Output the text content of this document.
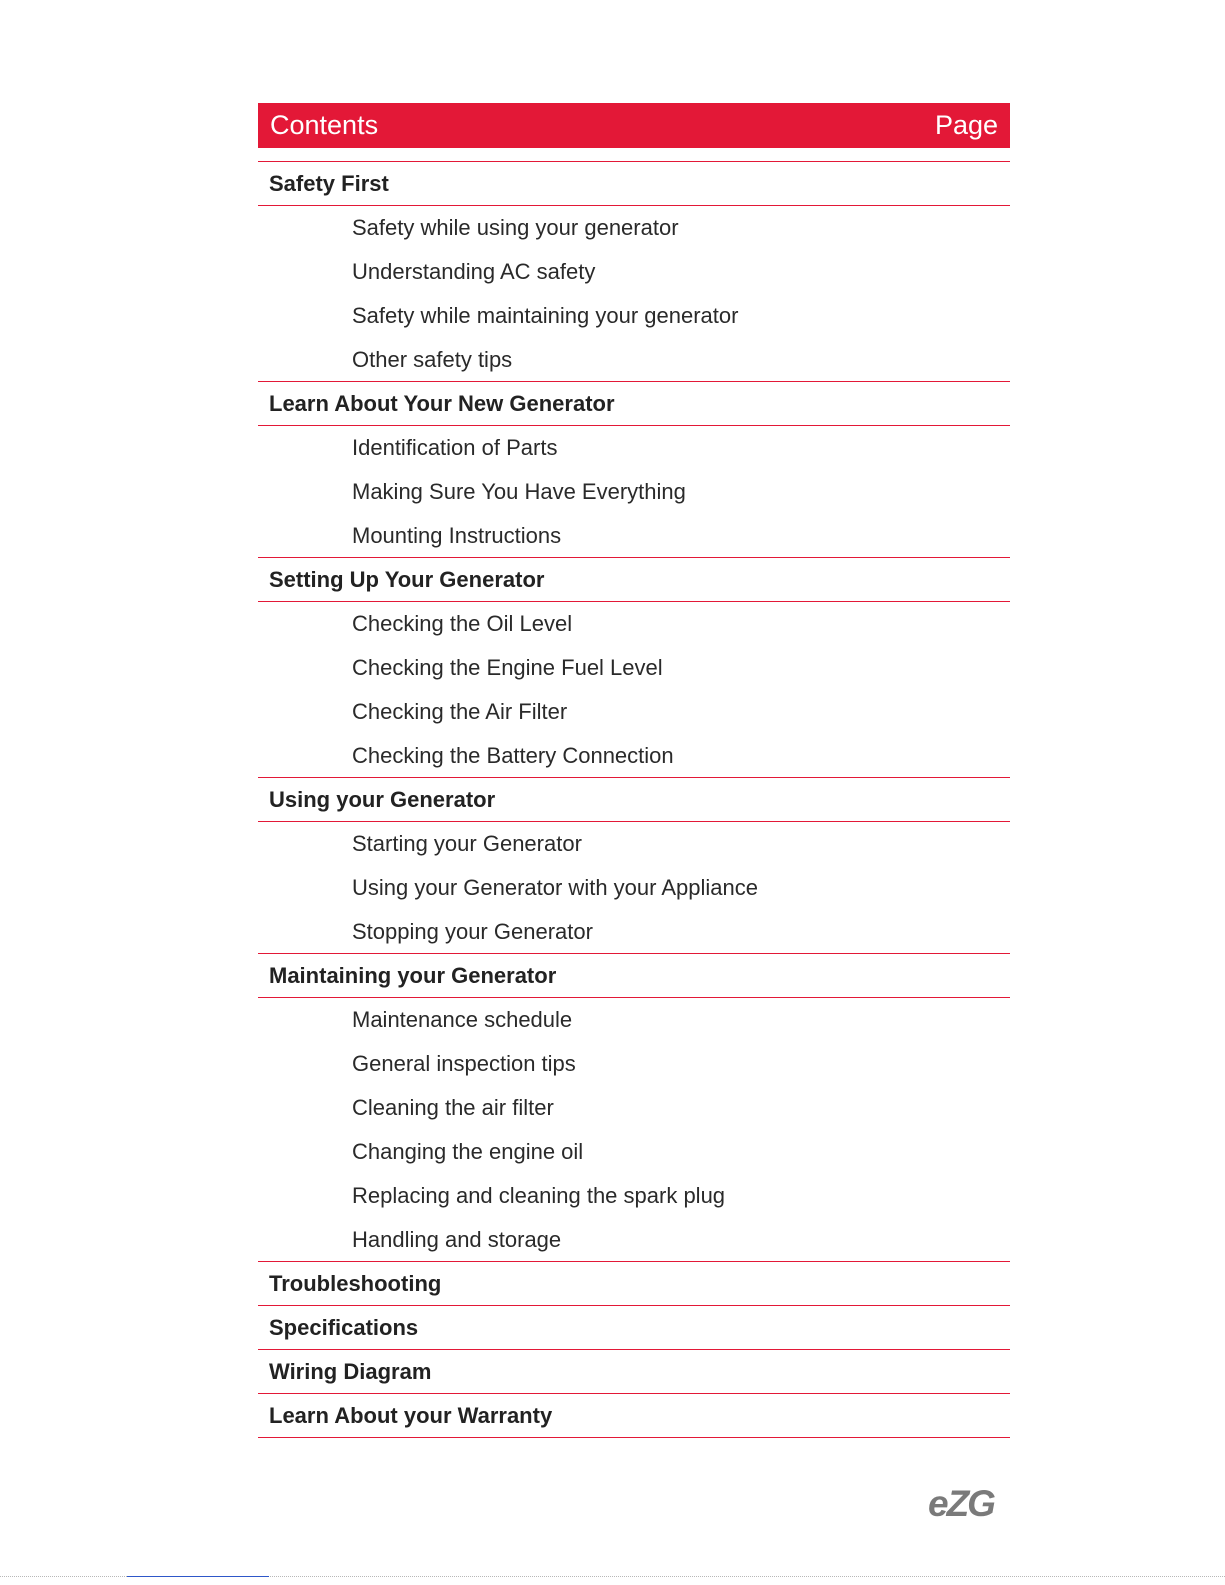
Contents	Page
Safety First
Safety while using your generator
Understanding AC safety
Safety while maintaining your generator
Other safety tips
Learn About Your New Generator
Identification of Parts
Making Sure You Have Everything
Mounting Instructions
Setting Up Your Generator
Checking the Oil Level
Checking the Engine Fuel Level
Checking the Air Filter
Checking the Battery Connection
Using your Generator
Starting your Generator
Using your Generator with your Appliance
Stopping your Generator
Maintaining your Generator
Maintenance schedule
General inspection tips
Cleaning the air filter
Changing the engine oil
Replacing and cleaning the spark plug
Handling and storage
Troubleshooting
Specifications
Wiring Diagram
Learn About your Warranty
eZG
